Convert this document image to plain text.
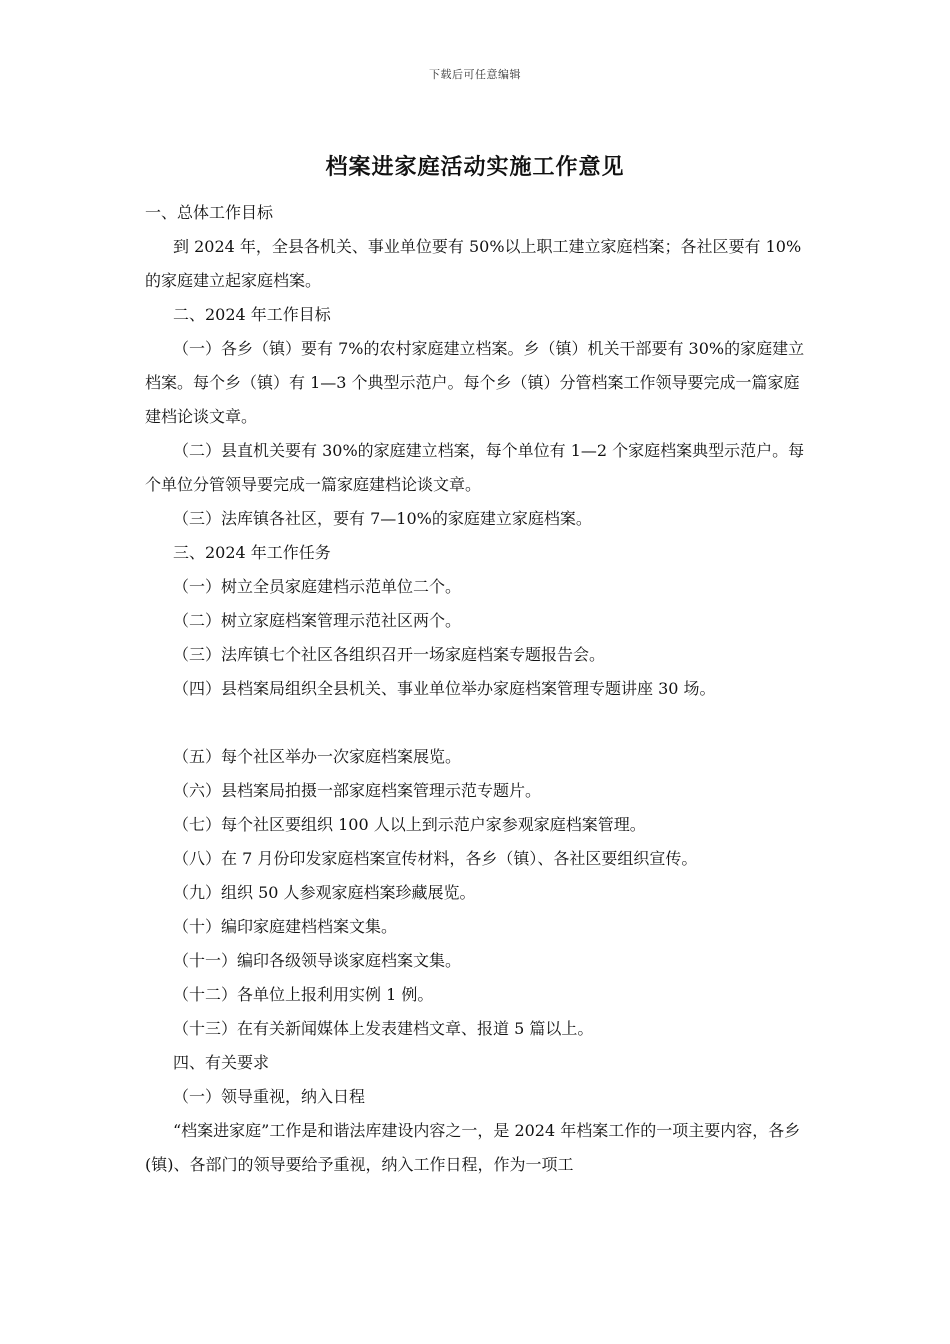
下载后可任意编辑
档案进家庭活动实施工作意见

一、总体工作目标

到 2024 年，全县各机关、事业单位要有 50%以上职工建立家庭档案；各社区要有 10%的家庭建立起家庭档案。

二、2024 年工作目标

（一）各乡（镇）要有 7%的农村家庭建立档案。乡（镇）机关干部要有 30%的家庭建立档案。每个乡（镇）有 1—3 个典型示范户。每个乡（镇）分管档案工作领导要完成一篇家庭建档论谈文章。

（二）县直机关要有 30%的家庭建立档案，每个单位有 1—2 个家庭档案典型示范户。每个单位分管领导要完成一篇家庭建档论谈文章。

（三）法库镇各社区，要有 7—10%的家庭建立家庭档案。

三、2024 年工作任务

（一）树立全员家庭建档示范单位二个。

（二）树立家庭档案管理示范社区两个。

（三）法库镇七个社区各组织召开一场家庭档案专题报告会。

（四）县档案局组织全县机关、事业单位举办家庭档案管理专题讲座 30 场。

（五）每个社区举办一次家庭档案展览。

（六）县档案局拍摄一部家庭档案管理示范专题片。

（七）每个社区要组织 100 人以上到示范户家参观家庭档案管理。

（八）在 7 月份印发家庭档案宣传材料，各乡（镇）、各社区要组织宣传。

（九）组织 50 人参观家庭档案珍藏展览。

（十）编印家庭建档档案文集。

（十一）编印各级领导谈家庭档案文集。

（十二）各单位上报利用实例 1 例。

（十三）在有关新闻媒体上发表建档文章、报道 5 篇以上。

四、有关要求

（一）领导重视，纳入日程

“档案进家庭”工作是和谐法库建设内容之一，是 2024 年档案工作的一项主要内容，各乡(镇)、各部门的领导要给予重视，纳入工作日程，作为一项工
